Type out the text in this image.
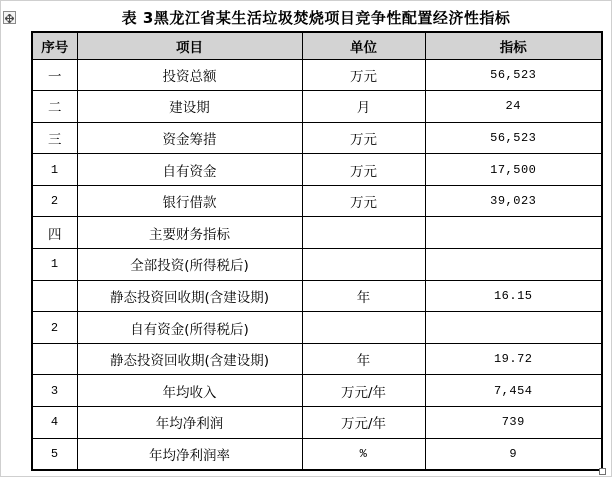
表 3黑龙江省某生活垃圾焚烧项目竞争性配置经济性指标
序号	项目	单位	指标
一	投资总额	万元	56,523
二	建设期	月	24
三	资金筹措	万元	56,523
1	自有资金	万元	17,500
2	银行借款	万元	39,023
四	主要财务指标		
1	全部投资(所得税后)		
	静态投资回收期(含建设期)	年	16.15
2	自有资金(所得税后)		
	静态投资回收期(含建设期)	年	19.72
3	年均收入	万元/年	7,454
4	年均净利润	万元/年	739
5	年均净利润率	%	9
